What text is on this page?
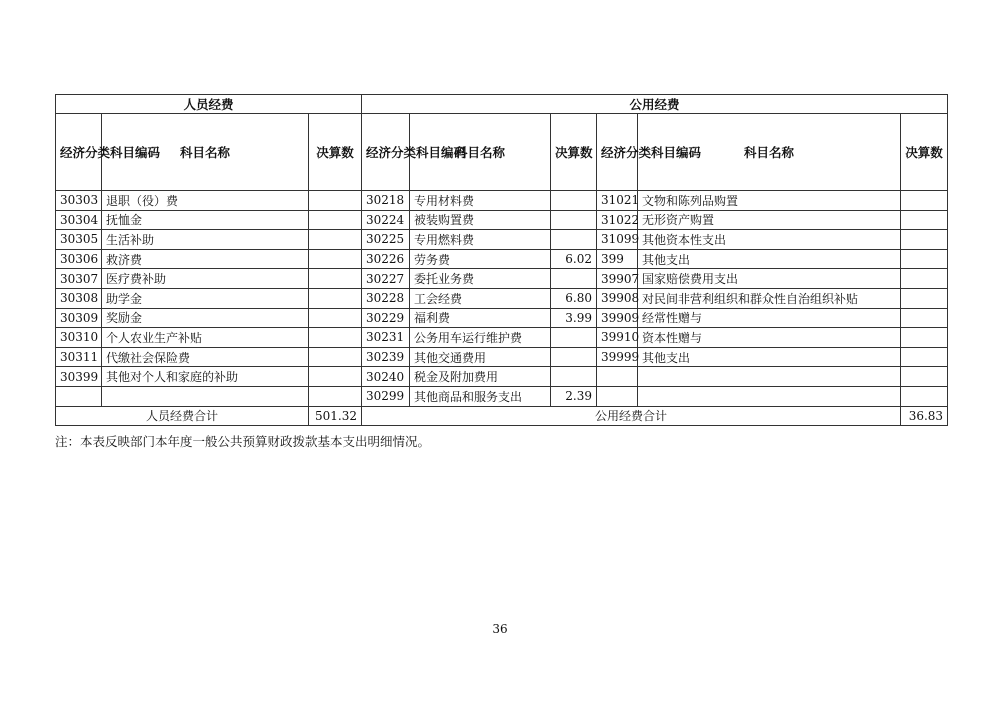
人员经费			公用经费					
经济分类科目编码	科目名称	决算数	经济分类科目编码	科目名称	决算数	经济分类科目编码	科目名称	决算数
30303	退职（役）费		30218	专用材料费		31021	文物和陈列品购置	
30304	抚恤金		30224	被装购置费		31022	无形资产购置	
30305	生活补助		30225	专用燃料费		31099	其他资本性支出	
30306	救济费		30226	劳务费	6.02	399	其他支出	
30307	医疗费补助		30227	委托业务费		39907	国家赔偿费用支出	
30308	助学金		30228	工会经费	6.80	39908	对民间非营利组织和群众性自治组织补贴	
30309	奖励金		30229	福利费	3.99	39909	经常性赠与	
30310	个人农业生产补贴		30231	公务用车运行维护费		39910	资本性赠与	
30311	代缴社会保险费		30239	其他交通费用		39999	其他支出	
30399	其他对个人和家庭的补助		30240	税金及附加费用				
			30299	其他商品和服务支出	2.39			
人员经费合计		501.32	公用经费合计					36.83
注：本表反映部门本年度一般公共预算财政拨款基本支出明细情况。
36
